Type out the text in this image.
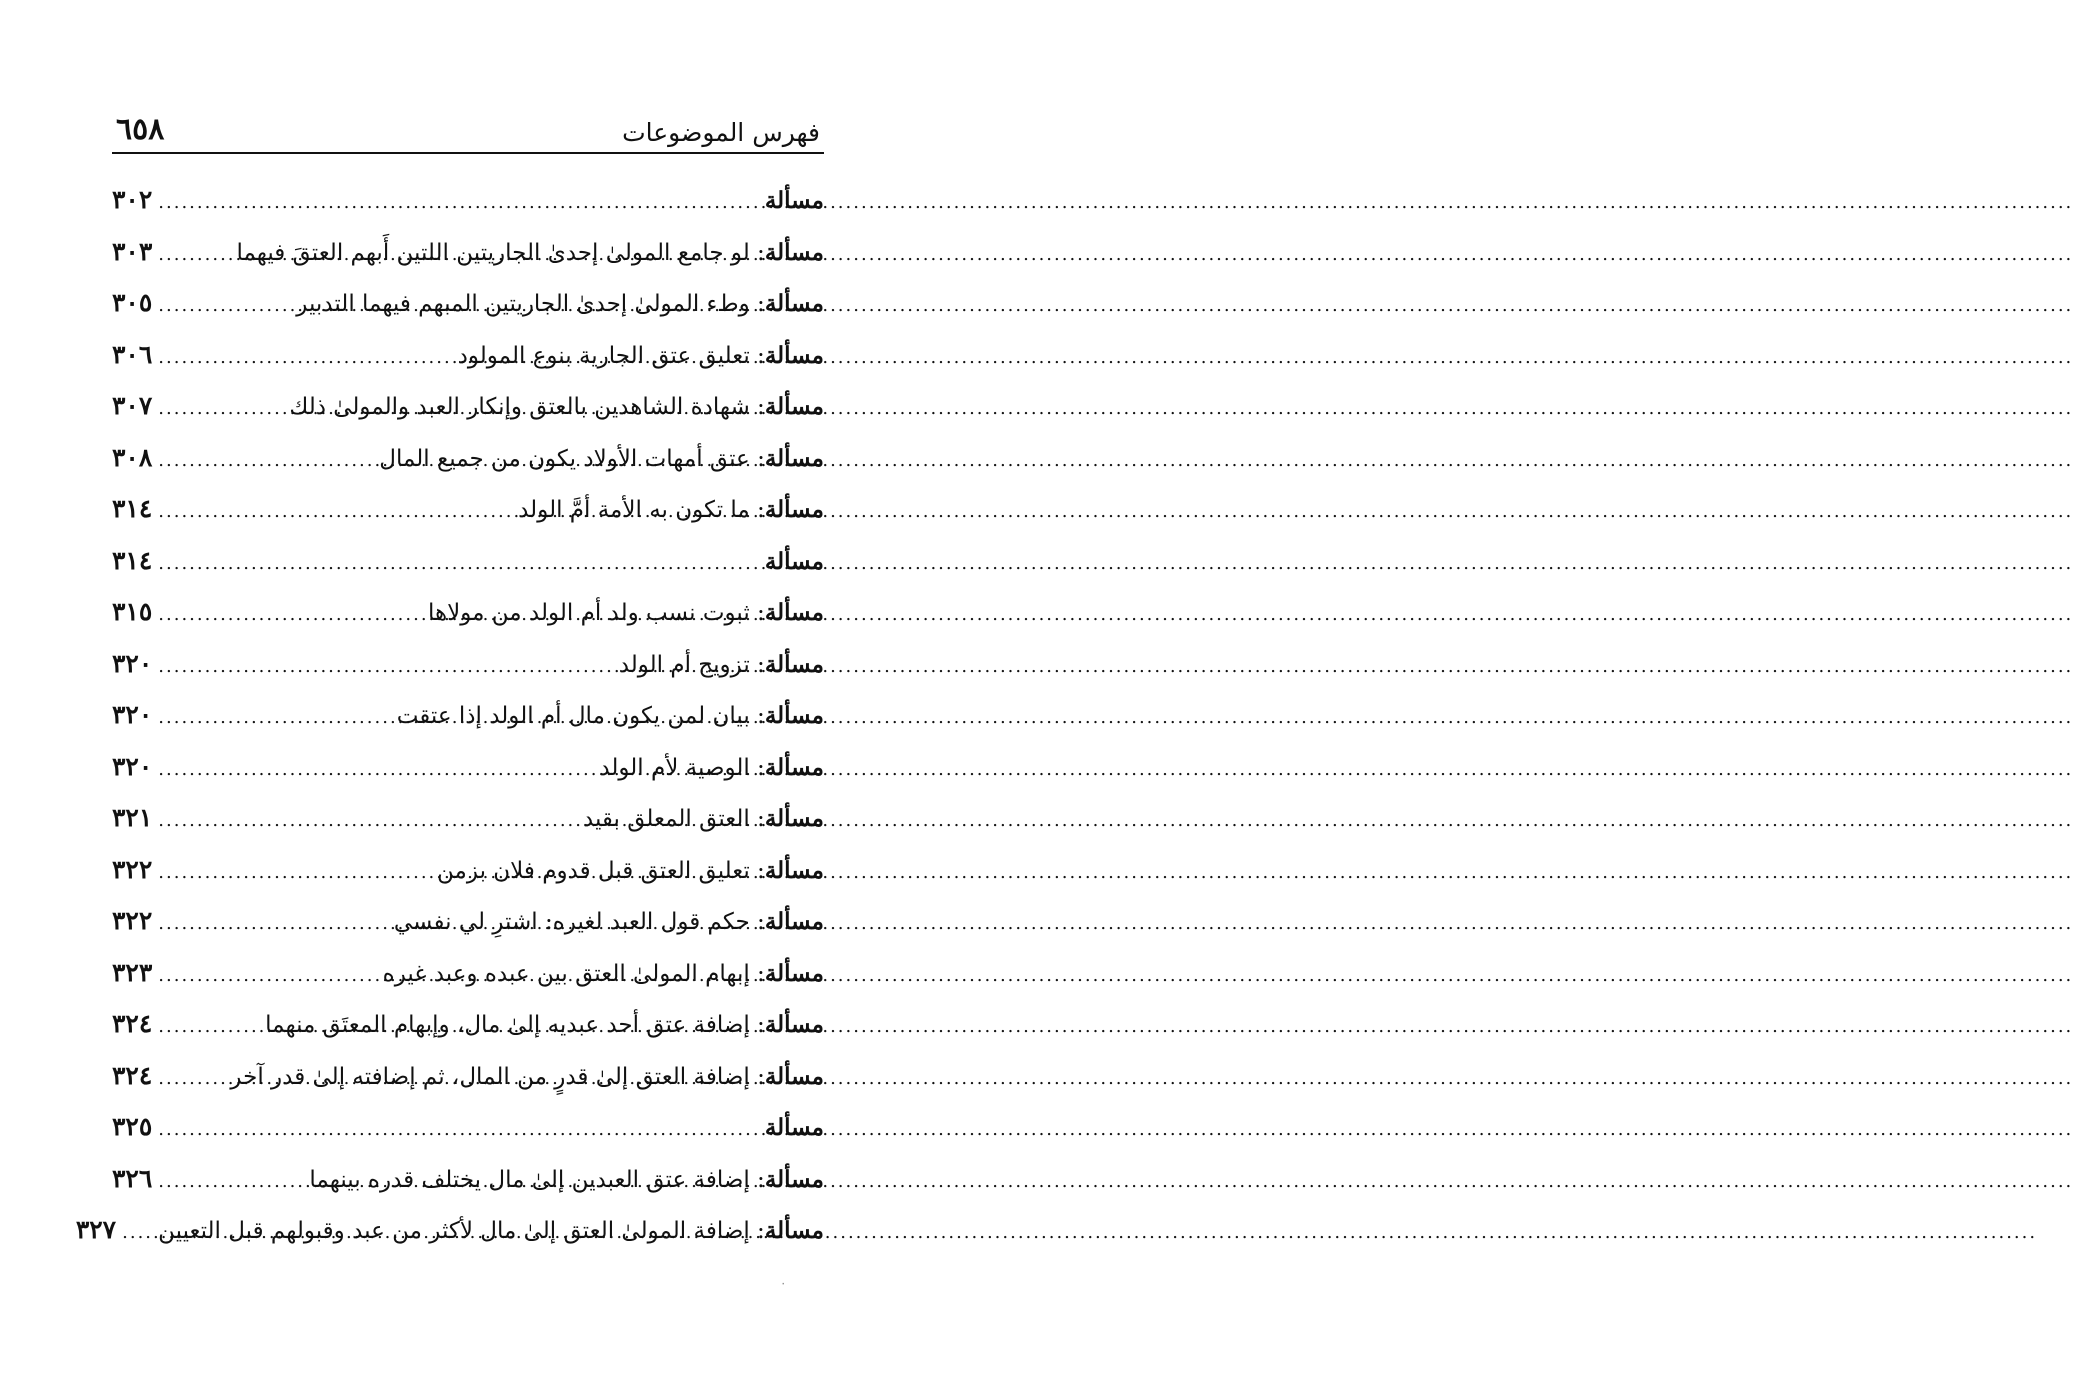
٦٥٨	فهرس الموضوعات
مسألة
.....
٣٠٢
مسألة: لو جامع المولىٰ إحدىٰ الجاريتين اللتين أَبهم العتقَ فيهما
.....
٣٠٣
مسألة: وطء المولىٰ إحدىٰ الجاريتين المبهم فيهما التدبير
.....
٣٠٥
مسألة: تعليق عتق الجارية بنوع المولود
.....
٣٠٦
مسألة: شهادة الشاهدين بالعتق وإنكار العبد والمولىٰ ذلك
.....
٣٠٧
مسألة: عتق أمهات الأولاد يكون من جميع المال
.....
٣٠٨
مسألة: ما تكون به الأمة أمَّ الولد
.....
٣١٤
مسألة
.....
٣١٤
مسألة: ثبوت نسب ولد أم الولد من مولاها
.....
٣١٥
مسألة: تزويج أم الولد
.....
٣٢٠
مسألة: بيان لمن يكون مال أم الولد إذا عتقت
.....
٣٢٠
مسألة: الوصية لأم الولد
.....
٣٢٠
مسألة: العتق المعلق بقيد
.....
٣٢١
مسألة: تعليق العتق قبل قدوم فلان بزمن
.....
٣٢٢
مسألة: حكم قول العبد لغيره: اشترِ لي نفسي
.....
٣٢٢
مسألة: إبهام المولىٰ العتق بين عبده وعبد غيره
.....
٣٢٣
مسألة: إضافة عتق أحد عبديه إلىٰ مال، وإبهام المعتَق منهما
.....
٣٢٤
مسألة: إضافة العتق إلىٰ قدرٍ من المال، ثم إضافته إلىٰ قدر آخر
.....
٣٢٤
مسألة
.....
٣٢٥
مسألة: إضافة عتق العبدين إلىٰ مال يختلف قدره بينهما
.....
٣٢٦
مسألة: إضافة المولىٰ العتق إلىٰ مال لأكثر من عبد وقبولهم قبل التعيين
.....
٣٢٧
٠
